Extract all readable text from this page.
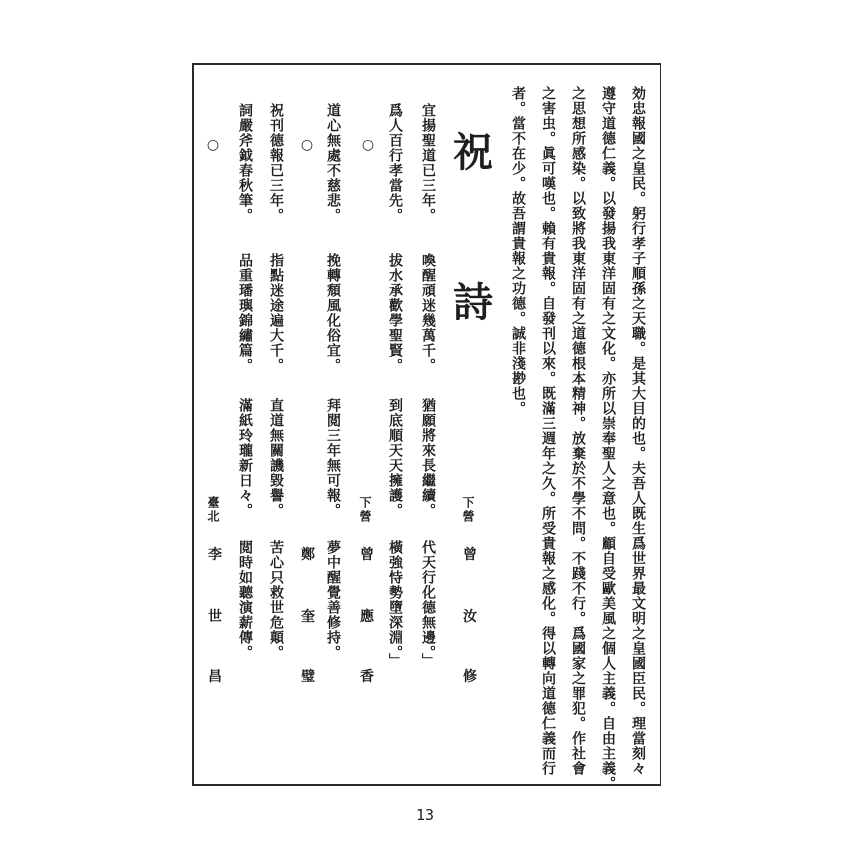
祝
詩	効忠報國之皇民。躬行孝子順孫之天職。是其大目的也。夫吾人既生爲世界最文明之皇國臣民。理當刻々
遵守道德仁義。以發揚我東洋固有之文化。亦所以崇奉聖人之意也。顧自受歐美風之個人主義。自由主義。
之思想所感染。以致將我東洋固有之道德根本精神。放棄於不學不問。不踐不行。爲國家之罪犯。作社會
之害虫。眞可嘆也。賴有貴報。自發刊以來。既滿三週年之久。所受貴報之感化。得以轉向道德仁義而行
者。當不在少。故吾謂貴報之功德。誠非淺尠也。
宜揚聖道已三年。
喚醒頑迷幾萬千。
猶願將來長繼續。
代天行化德無邊。」
爲人百行孝當先。
拔水承歡學聖賢。
到底順天天擁護。
橫強恃勢墮深淵。」
道心無處不慈悲。
挽轉頹風化俗宜。
拜閲三年無可報。
夢中醒覺善修持。
祝刊德報已三年。
指點迷途遍大千。
直道無關譏毀譽。
苦心只救世危顛。
詞嚴斧鉞春秋筆。
品重璠璵錦繡篇。
滿紙玲瓏新日々。
閲時如聽演薪傳。
○
○
○
下營
曾
汝
修
下營
曾
應
香
鄭
奎
璧
臺北
李
世
昌
13
